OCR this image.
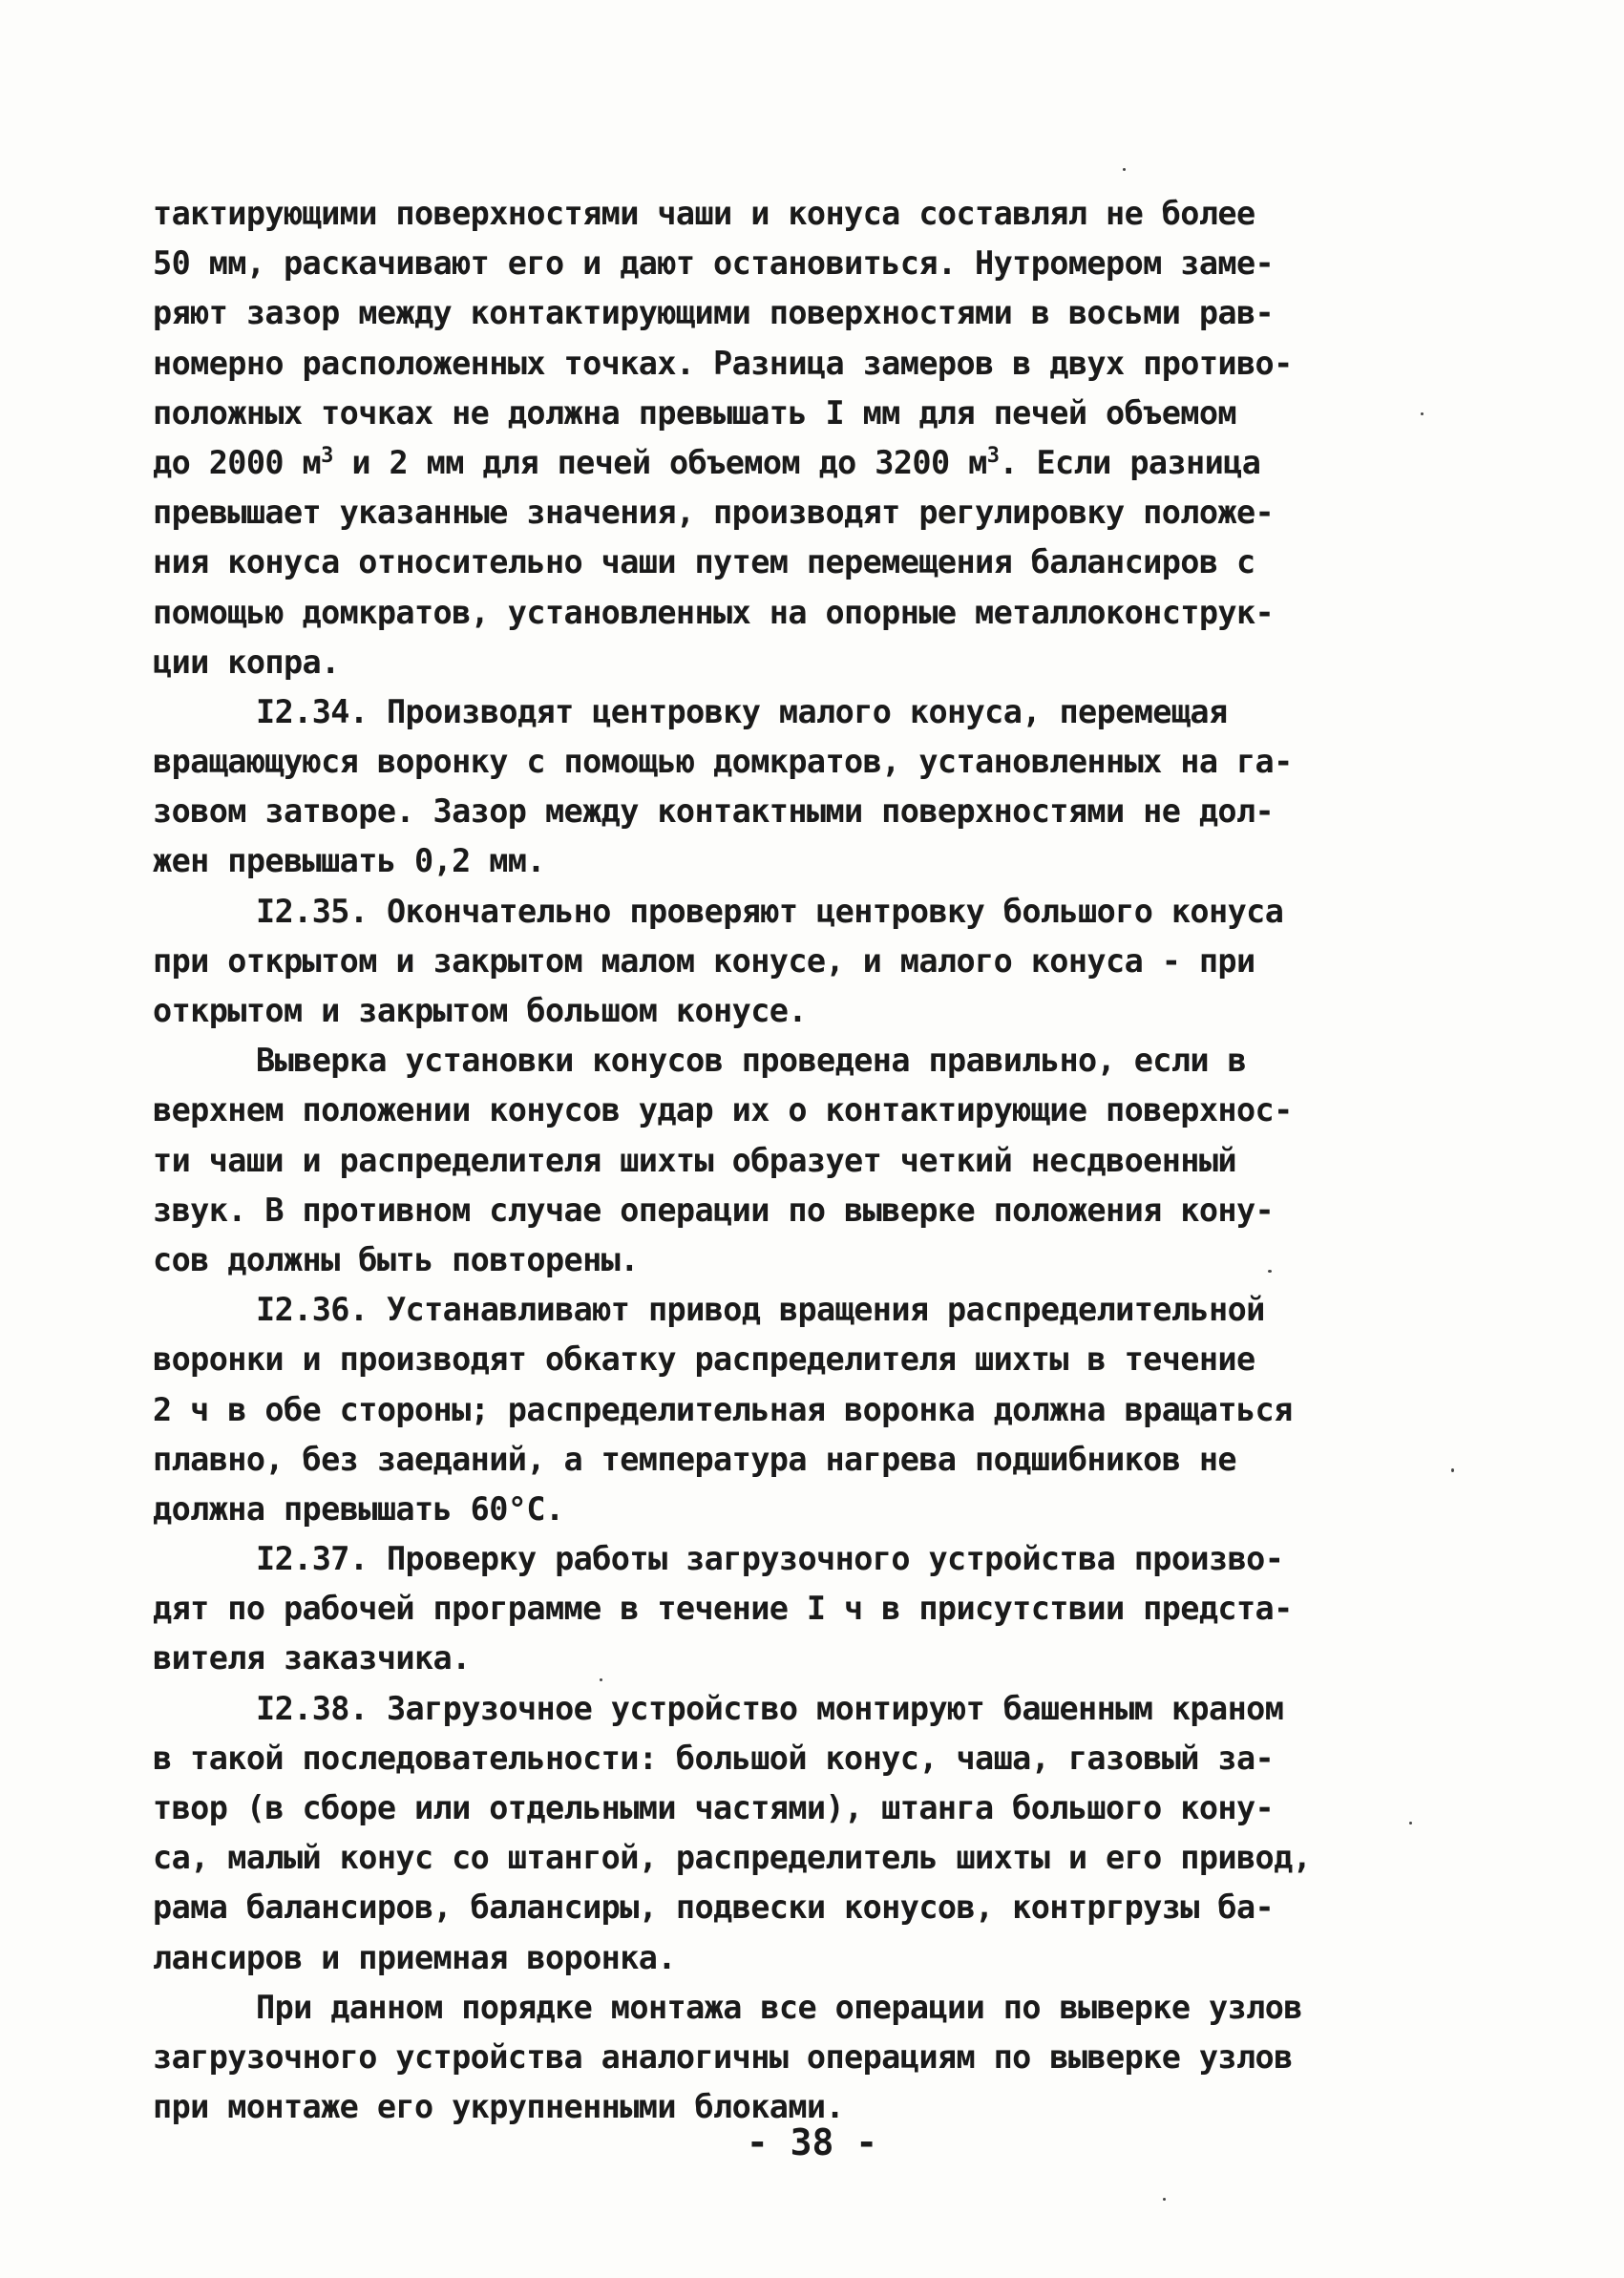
тактирующими поверхностями чаши и конуса составлял не более
50 мм, раскачивают его и дают остановиться. Нутромером заме-
ряют зазор между контактирующими поверхностями в восьми рав-
номерно расположенных точках. Разница замеров в двух противо-
положных точках не должна превышать I мм для печей объемом
до 2000 $м^3$ и 2 мм для печей объемом до 3200 $м^3$. Если разница
превышает указанные значения, производят регулировку положе-
ния конуса относительно чаши путем перемещения балансиров с
помощью домкратов, установленных на опорные металлоконструк-
ции копра.
I2.34. Производят центровку малого конуса, перемещая
вращающуюся воронку с помощью домкратов, установленных на га-
зовом затворе. Зазор между контактными поверхностями не дол-
жен превышать 0,2 мм.
I2.35. Окончательно проверяют центровку большого конуса
при открытом и закрытом малом конусе, и малого конуса - при
открытом и закрытом большом конусе.
Выверка установки конусов проведена правильно, если в
верхнем положении конусов удар их о контактирующие поверхнос-
ти чаши и распределителя шихты образует четкий несдвоенный
звук. В противном случае операции по выверке положения кону-
сов должны быть повторены.
I2.36. Устанавливают привод вращения распределительной
воронки и производят обкатку распределителя шихты в течение
2 ч в обе стороны; распределительная воронка должна вращаться
плавно, без заеданий, а температура нагрева подшибников не
должна превышать 60°С.
I2.37. Проверку работы загрузочного устройства произво-
дят по рабочей программе в течение I ч в присутствии предста-
вителя заказчика.
I2.38. Загрузочное устройство монтируют башенным краном
в такой последовательности: большой конус, чаша, газовый за-
твор (в сборе или отдельными частями), штанга большого кону-
са, малый конус со штангой, распределитель шихты и его привод,
рама балансиров, балансиры, подвески конусов, контргрузы ба-
лансиров и приемная воронка.
При данном порядке монтажа все операции по выверке узлов
загрузочного устройства аналогичны операциям по выверке узлов
при монтаже его укрупненными блоками.
- 38 -
